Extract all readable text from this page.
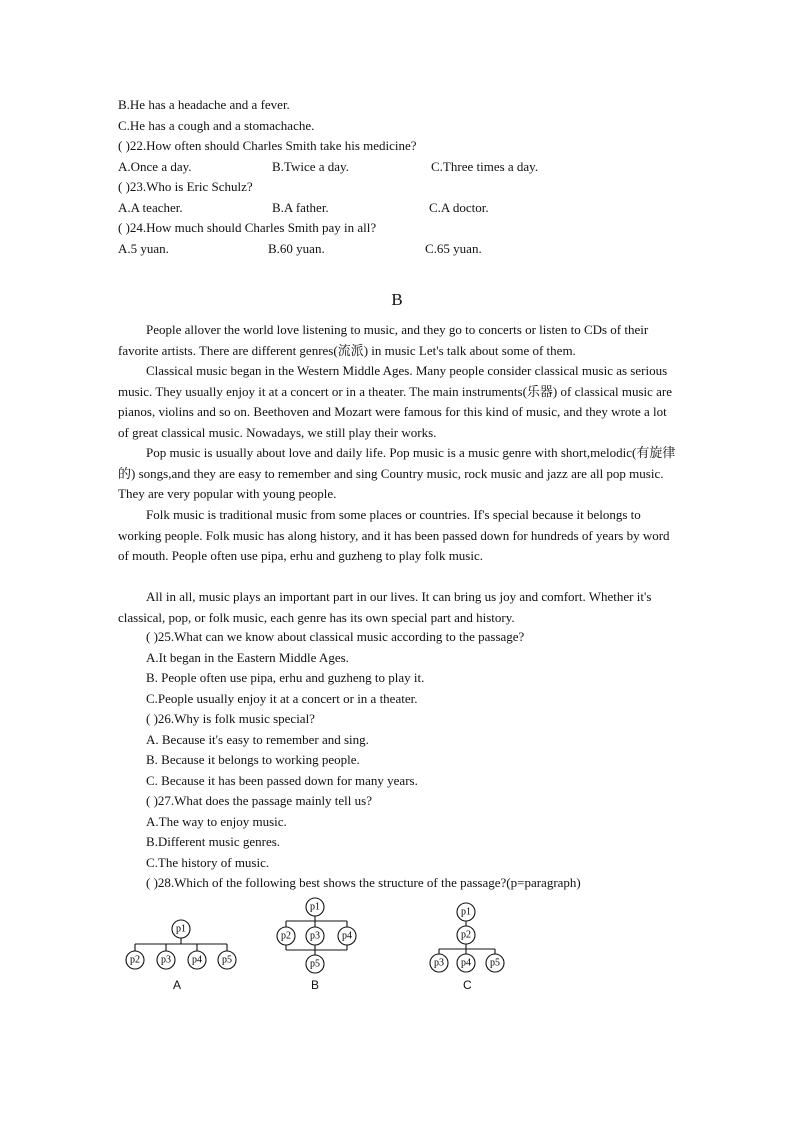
B.He has a headache and a fever.
C.He has a cough and a stomachache.
( )22.How often should Charles Smith take his medicine?
A.Once a day.	B.Twice a day.	C.Three times a day.
( )23.Who is Eric Schulz?
A.A teacher.	B.A father.	C.A doctor.
( )24.How much should Charles Smith pay in all?
A.5 yuan.	B.60 yuan.	C.65 yuan.
B

People allover the world love listening to music, and they go to concerts or listen to CDs of their favorite artists. There are different genres(流派) in music Let's talk about some of them.

Classical music began in the Western Middle Ages. Many people consider classical music as serious music. They usually enjoy it at a concert or in a theater. The main instruments(乐器) of classical music are pianos, violins and so on. Beethoven and Mozart were famous for this kind of music, and they wrote a lot of great classical music. Nowadays, we still play their works.

Pop music is usually about love and daily life. Pop music is a music genre with short,melodic(有旋律的) songs,and they are easy to remember and sing Country music, rock music and jazz are all pop music. They are very popular with young people.

Folk music is traditional music from some places or countries. If's special because it belongs to working people. Folk music has along history, and it has been passed down for hundreds of years by word of mouth. People often use pipa, erhu and guzheng to play folk music.

All in all, music plays an important part in our lives. It can bring us joy and comfort. Whether it's classical, pop, or folk music, each genre has its own special part and history.

( )25.What can we know about classical music according to the passage?
A.It began in the Eastern Middle Ages.
B. People often use pipa, erhu and guzheng to play it.
C.People usually enjoy it at a concert or in a theater.
( )26.Why is folk music special?
A. Because it's easy to remember and sing.
B. Because it belongs to working people.
C. Because it has been passed down for many years.
( )27.What does the passage mainly tell us?
A.The way to enjoy music.
B.Different music genres.
C.The history of music.
( )28.Which of the following best shows the structure of the passage?(p=paragraph)
p1
p2 p3 p4 p5
p1
p2 p3 p4
p5
p1
p2
p3 p4 p5
A	B	C
